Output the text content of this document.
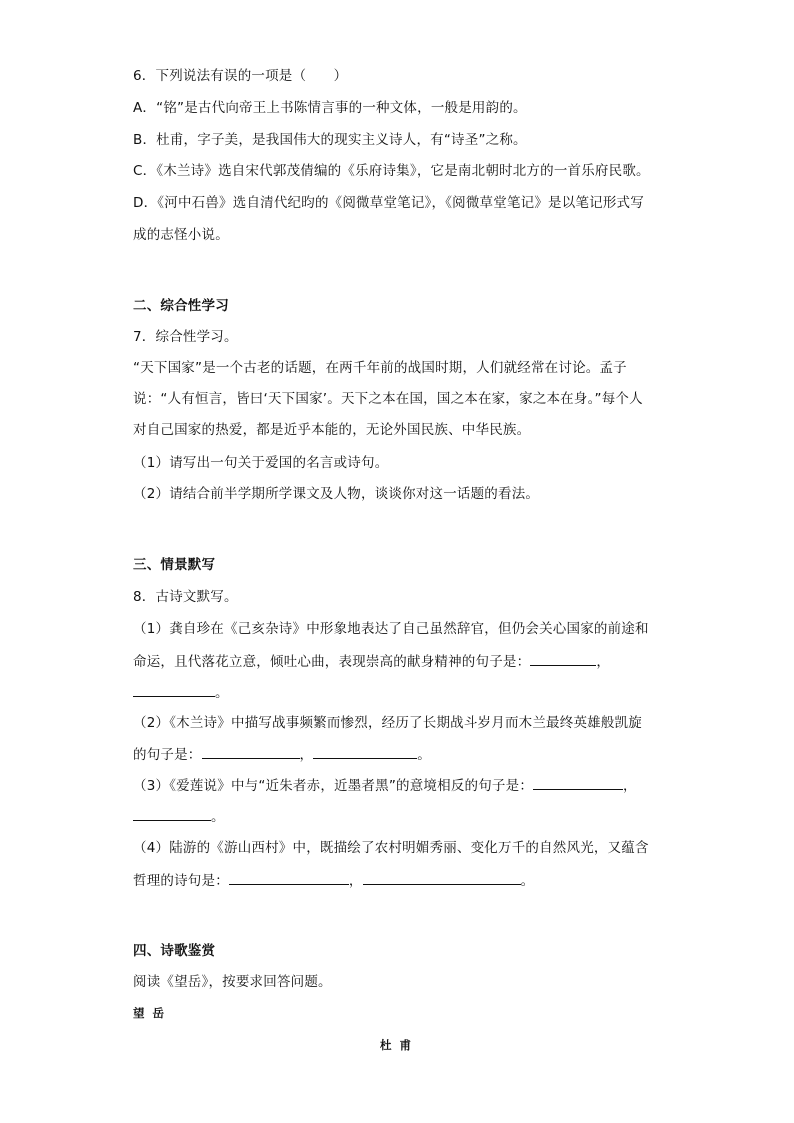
6．下列说法有误的一项是（　　）
A．“铭”是古代向帝王上书陈情言事的一种文体，一般是用韵的。
B．杜甫，字子美，是我国伟大的现实主义诗人，有“诗圣”之称。
C．《木兰诗》选自宋代郭茂倩编的《乐府诗集》，它是南北朝时北方的一首乐府民歌。
D．《河中石兽》选自清代纪昀的《阅微草堂笔记》，《阅微草堂笔记》是以笔记形式写
成的志怪小说。
二、综合性学习
7．综合性学习。
“天下国家”是一个古老的话题，在两千年前的战国时期，人们就经常在讨论。孟子
说：“人有恒言，皆曰‘天下国家’。天下之本在国，国之本在家，家之本在身。”每个人
对自己国家的热爱，都是近乎本能的，无论外国民族、中华民族。
（1）请写出一句关于爱国的名言或诗句。
（2）请结合前半学期所学课文及人物，谈谈你对这一话题的看法。
三、情景默写
8．古诗文默写。
（1）龚自珍在《己亥杂诗》中形象地表达了自己虽然辞官，但仍会关心国家的前途和
命运，且代落花立意，倾吐心曲，表现崇高的献身精神的句子是：	，
。
（2）《木兰诗》中描写战事频繁而惨烈，经历了长期战斗岁月而木兰最终英雄般凯旋
的句子是：	，	。
（3）《爱莲说》中与“近朱者赤，近墨者黑”的意境相反的句子是：	，
。
（4）陆游的《游山西村》中，既描绘了农村明媚秀丽、变化万千的自然风光，又蕴含
哲理的诗句是：	，	。
四、诗歌鉴赏
阅读《望岳》，按要求回答问题。
望岳
杜甫
